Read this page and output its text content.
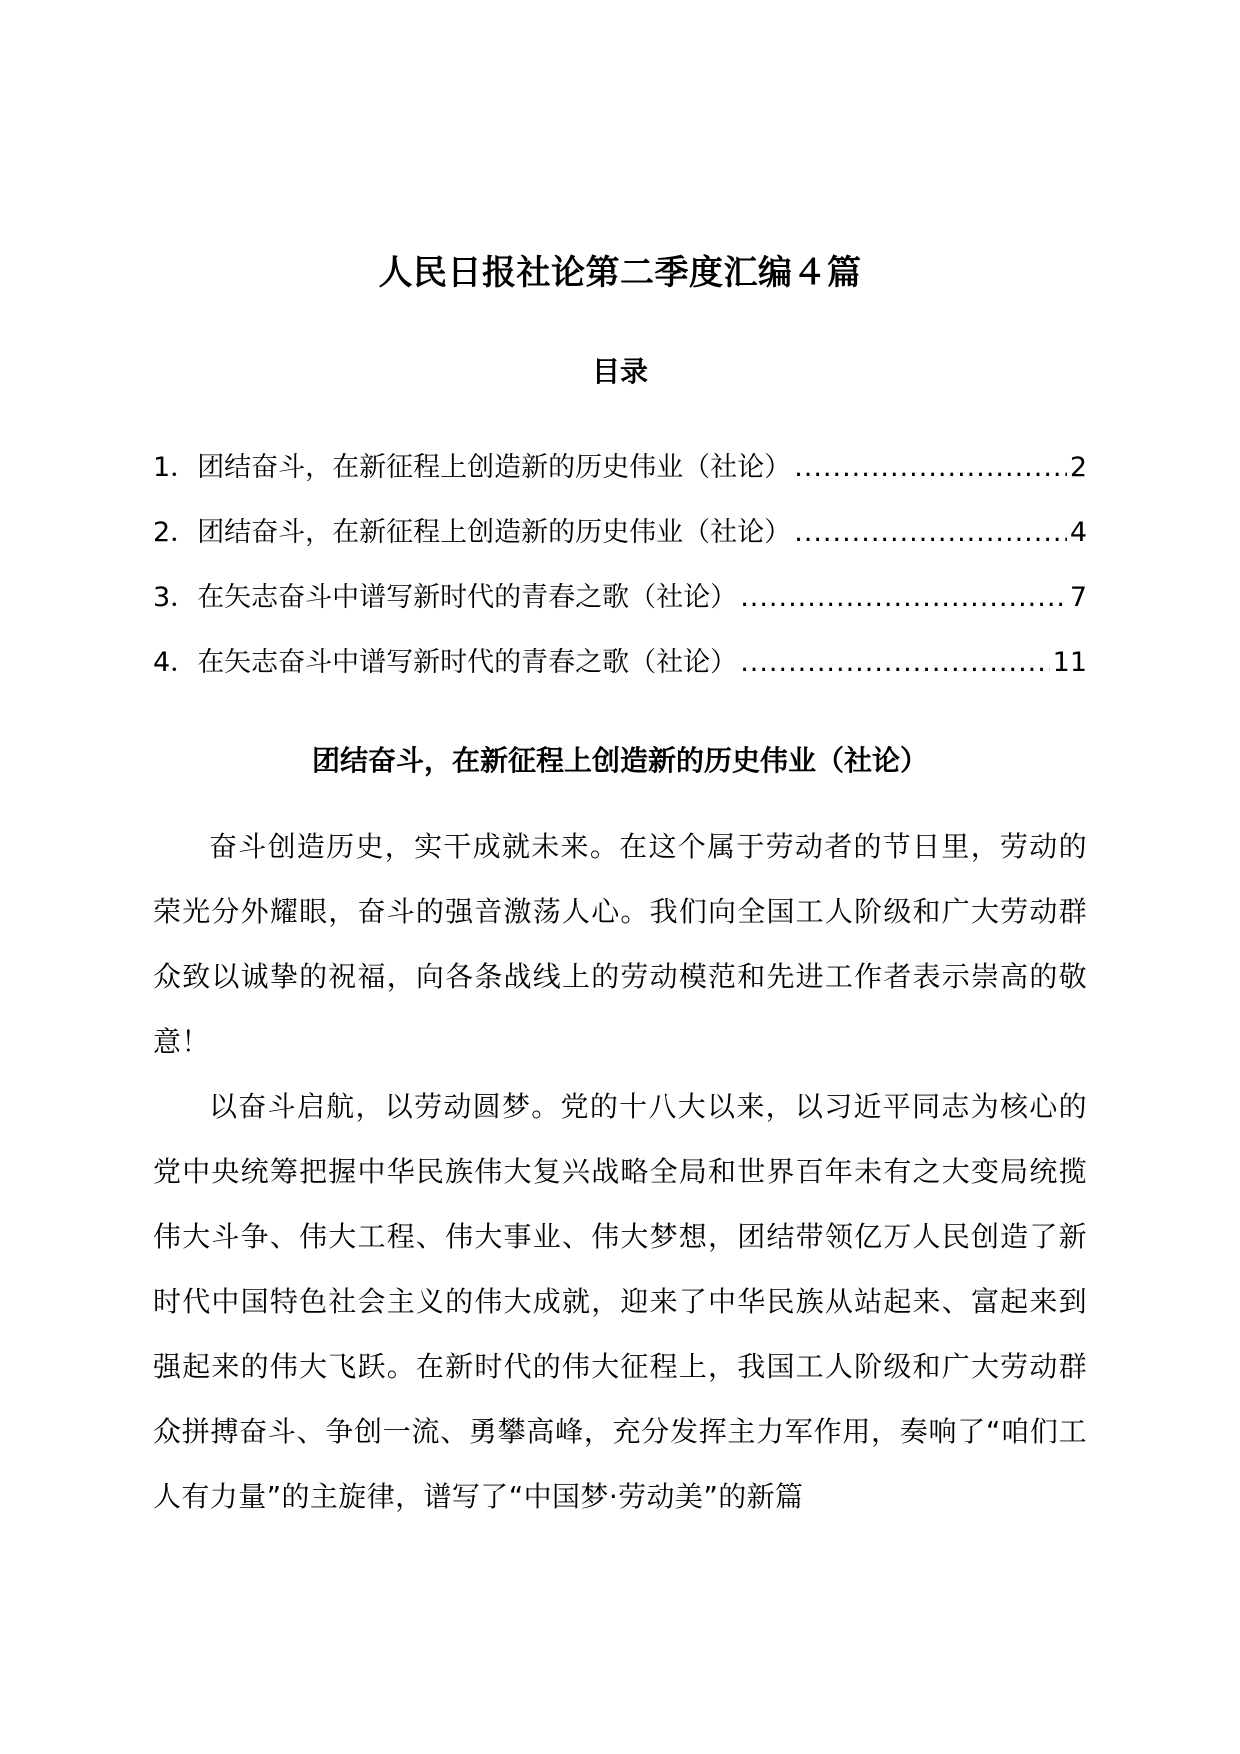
人民日报社论第二季度汇编４篇
目录
1． 团结奋斗，在新征程上创造新的历史伟业（社论） .....	2
2． 团结奋斗，在新征程上创造新的历史伟业（社论） .....	4
3． 在矢志奋斗中谱写新时代的青春之歌（社论） .....	7
4． 在矢志奋斗中谱写新时代的青春之歌（社论） .....	11
团结奋斗，在新征程上创造新的历史伟业（社论）

奋斗创造历史，实干成就未来。在这个属于劳动者的节日里，劳动的荣光分外耀眼，奋斗的强音激荡人心。我们向全国工人阶级和广大劳动群众致以诚挚的祝福，向各条战线上的劳动模范和先进工作者表示崇高的敬意！

以奋斗启航，以劳动圆梦。党的十八大以来，以习近平同志为核心的党中央统筹把握中华民族伟大复兴战略全局和世界百年未有之大变局统揽伟大斗争、伟大工程、伟大事业、伟大梦想，团结带领亿万人民创造了新时代中国特色社会主义的伟大成就，迎来了中华民族从站起来、富起来到强起来的伟大飞跃。在新时代的伟大征程上，我国工人阶级和广大劳动群众拼搏奋斗、争创一流、勇攀高峰，充分发挥主力军作用，奏响了“咱们工人有力量”的主旋律，谱写了“中国梦·劳动美”的新篇
